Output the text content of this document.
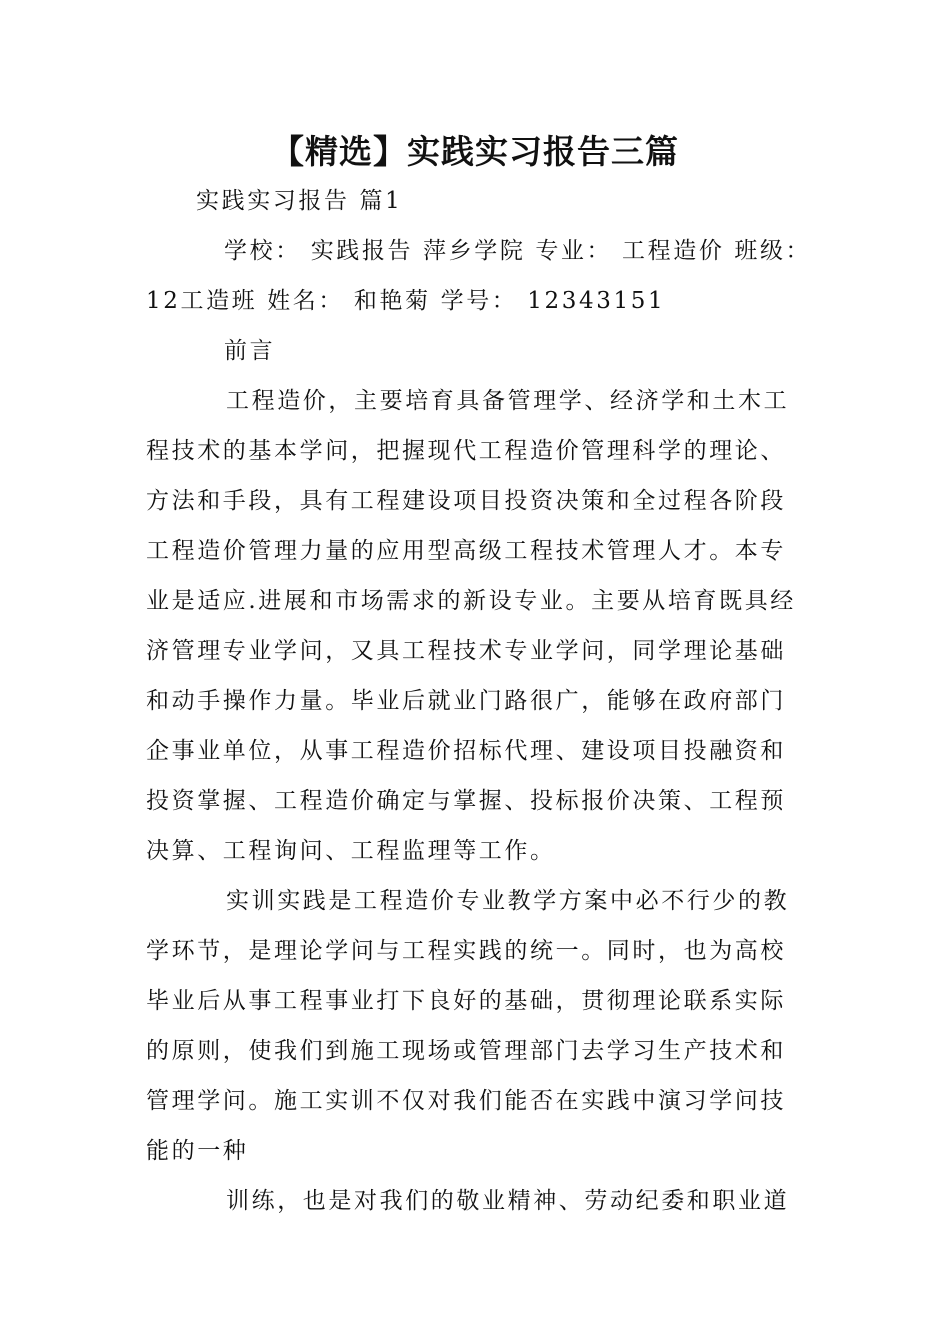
【精选】实践实习报告三篇

实践实习报告 篇1

学校： 实践报告 萍乡学院 专业： 工程造价 班级：12工造班 姓名： 和艳菊 学号： 12343151

前言

工程造价，主要培育具备管理学、经济学和土木工程技术的基本学问，把握现代工程造价管理科学的理论、方法和手段，具有工程建设项目投资决策和全过程各阶段工程造价管理力量的应用型高级工程技术管理人才。本专业是适应.进展和市场需求的新设专业。主要从培育既具经济管理专业学问，又具工程技术专业学问，同学理论基础和动手操作力量。毕业后就业门路很广，能够在政府部门企事业单位，从事工程造价招标代理、建设项目投融资和投资掌握、工程造价确定与掌握、投标报价决策、工程预决算、工程询问、工程监理等工作。

实训实践是工程造价专业教学方案中必不行少的教学环节，是理论学问与工程实践的统一。同时，也为高校毕业后从事工程事业打下良好的基础，贯彻理论联系实际的原则，使我们到施工现场或管理部门去学习生产技术和管理学问。施工实训不仅对我们能否在实践中演习学问技能的一种

训练，也是对我们的敬业精神、劳动纪委和职业道
